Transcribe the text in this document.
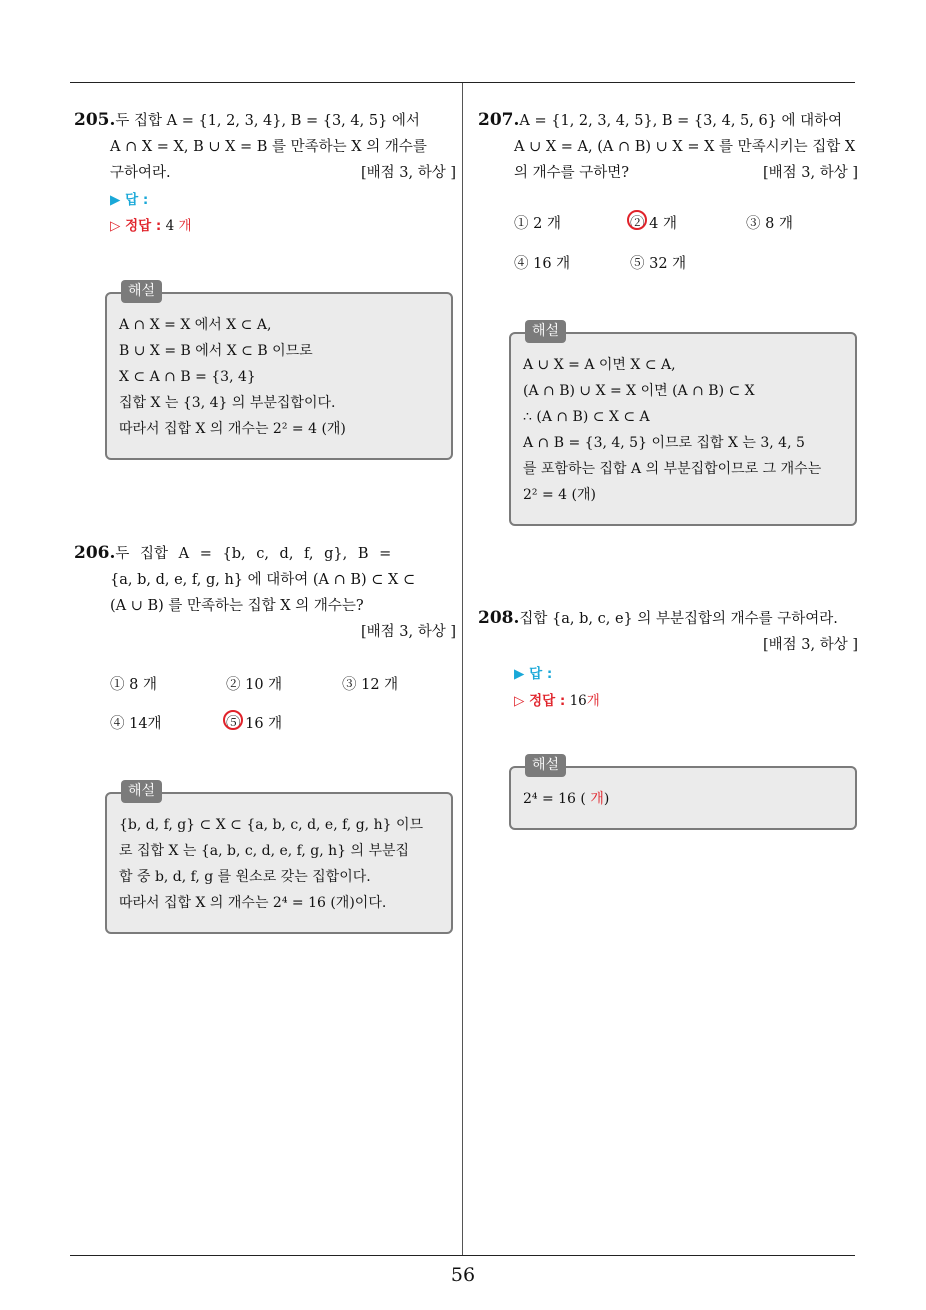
205.두 집합 A = {1, 2, 3, 4}, B = {3, 4, 5} 에서
A ∩ X = X, B ∪ X = B 를 만족하는 X 의 개수를
구하여라.	[배점 3, 하상 ]
▶ 답 :
▷ 정답 : 4 개
해설
A ∩ X = X 에서 X ⊂ A,
B ∪ X = B 에서 X ⊂ B 이므로
X ⊂ A ∩ B = {3, 4}
집합 X 는 {3, 4} 의 부분집합이다.
따라서 집합 X 의 개수는 2² = 4 (개)
206.두 집합 A = {b, c, d, f, g}, B =
{a, b, d, e, f, g, h} 에 대하여 (A ∩ B) ⊂ X ⊂
(A ∪ B) 를 만족하는 집합 X 의 개수는?
[배점 3, 하상 ]
① 8 개	② 10 개	③ 12 개
④ 14개	⑤ 16 개
해설
{b, d, f, g} ⊂ X ⊂ {a, b, c, d, e, f, g, h} 이므
로 집합 X 는 {a, b, c, d, e, f, g, h} 의 부분집
합 중 b, d, f, g 를 원소로 갖는 집합이다.
따라서 집합 X 의 개수는 2⁴ = 16 (개)이다.
207.A = {1, 2, 3, 4, 5}, B = {3, 4, 5, 6} 에 대하여
A ∪ X = A, (A ∩ B) ∪ X = X 를 만족시키는 집합 X
의 개수를 구하면?	[배점 3, 하상 ]
① 2 개	② 4 개	③ 8 개
④ 16 개	⑤ 32 개
해설
A ∪ X = A 이면 X ⊂ A,
(A ∩ B) ∪ X = X 이면 (A ∩ B) ⊂ X
∴ (A ∩ B) ⊂ X ⊂ A
A ∩ B = {3, 4, 5} 이므로 집합 X 는 3, 4, 5
를 포함하는 집합 A 의 부분집합이므로 그 개수는
2² = 4 (개)
208.집합 {a, b, c, e} 의 부분집합의 개수를 구하여라.
[배점 3, 하상 ]
▶ 답 :
▷ 정답 : 16개
해설
2⁴ = 16 ( 개)
56
